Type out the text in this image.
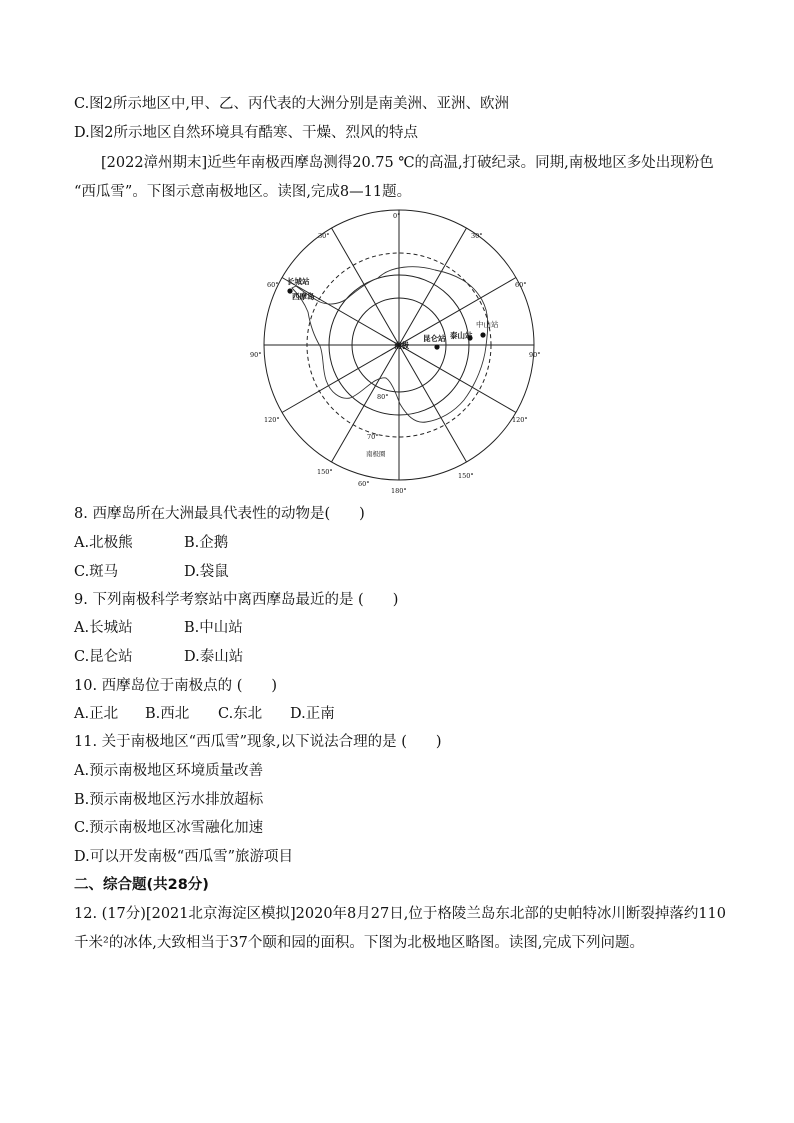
C.图2所示地区中,甲、乙、丙代表的大洲分别是南美洲、亚洲、欧洲
D.图2所示地区自然环境具有酷寒、干燥、烈风的特点
[2022漳州期末]近些年南极西摩岛测得20.75 ℃的高温,打破纪录。同期,南极地区多处出现粉色
“西瓜雪”。下图示意南极地区。读图,完成8—11题。
长城站
西摩岛
中山站
泰山站
昆仑站
南极
80°
70°
60°
南极圈
0°
30°	30°
60°	60°
90°	90°
120°	120°
150°	150°
180°
8. 西摩岛所在大洲最具代表性的动物是(　　)
A.北极熊	B.企鹅
C.斑马	D.袋鼠
9. 下列南极科学考察站中离西摩岛最近的是 (　　)
A.长城站	B.中山站
C.昆仑站	D.泰山站
10. 西摩岛位于南极点的 (　　)
A.正北 B.西北 C.东北 D.正南
11. 关于南极地区“西瓜雪”现象,以下说法合理的是 (　　)
A.预示南极地区环境质量改善
B.预示南极地区污水排放超标
C.预示南极地区冰雪融化加速
D.可以开发南极“西瓜雪”旅游项目
二、综合题(共28分)
12. (17分)[2021北京海淀区模拟]2020年8月27日,位于格陵兰岛东北部的史帕特冰川断裂掉落约110
千米²的冰体,大致相当于37个颐和园的面积。下图为北极地区略图。读图,完成下列问题。
